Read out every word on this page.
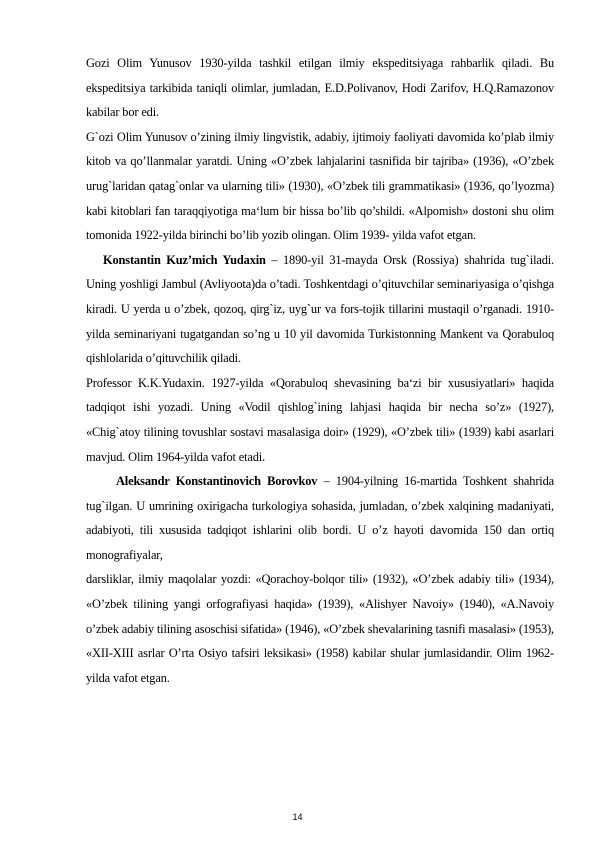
Gozi Olim Yunusov 1930-yilda tashkil etilgan ilmiy ekspeditsiyaga rahbarlik qiladi. Bu ekspeditsiya tarkibida taniqli olimlar, jumladan, E.D.Polivanov, Hodi Zarifov, H.Q.Ramazonov kabilar bor edi.

G`ozi Olim Yunusov o’zining ilmiy lingvistik, adabiy, ijtimoiy faoliyati davomida ko’plab ilmiy kitob va qo’llanmalar yaratdi. Uning «O’zbek lahjalarini tasnifida bir tajriba» (1936), «O’zbek urug`laridan qatag`onlar va ularning tili» (1930), «O’zbek tili grammatikasi» (1936, qo’lyozma) kabi kitoblari fan taraqqiyotiga ma‘lum bir hissa bo’lib qo’shildi. «Alpomish» dostoni shu olim tomonida 1922-yilda birinchi bo’lib yozib olingan. Olim 1939- yilda vafot etgan.

Konstantin Kuz’mich Yudaxin – 1890-yil 31-mayda Orsk (Rossiya) shahrida tug`iladi. Uning yoshligi Jambul (Avliyoota)da o’tadi. Toshkentdagi o’qituvchilar seminariyasiga o’qishga kiradi. U yerda u o’zbek, qozoq, qirg`iz, uyg`ur va fors-tojik tillarini mustaqil o’rganadi. 1910-yilda seminariyani tugatgandan so’ng u 10 yil davomida Turkistonning Mankent va Qorabuloq qishlolarida o’qituvchilik qiladi.

Professor K.K.Yudaxin. 1927-yilda «Qorabuloq shevasining ba‘zi bir xususiyatlari» haqida tadqiqot ishi yozadi. Uning «Vodil qishlog`ining lahjasi haqida bir necha so’z» (1927), «Chig`atoy tilining tovushlar sostavi masalasiga doir» (1929), «O’zbek tili» (1939) kabi asarlari mavjud. Olim 1964-yilda vafot etadi.

Aleksandr Konstantinovich Borovkov – 1904-yilning 16-martida Toshkent shahrida tug`ilgan. U umrining oxirigacha turkologiya sohasida, jumladan, o’zbek xalqining madaniyati, adabiyoti, tili xususida tadqiqot ishlarini olib bordi. U o’z hayoti davomida 150 dan ortiq monografiyalar,

darsliklar, ilmiy maqolalar yozdi: «Qorachoy-bolqor tili» (1932), «O’zbek adabiy tili» (1934), «O’zbek tilining yangi orfografiyasi haqida» (1939), «Alishyer Navoiy» (1940), «A.Navoiy o’zbek adabiy tilining asoschisi sifatida» (1946), «O’zbek shevalarining tasnifi masalasi» (1953), «XII-XIII asrlar O’rta Osiyo tafsiri leksikasi» (1958) kabilar shular jumlasidandir. Olim 1962-yilda vafot etgan.

14
